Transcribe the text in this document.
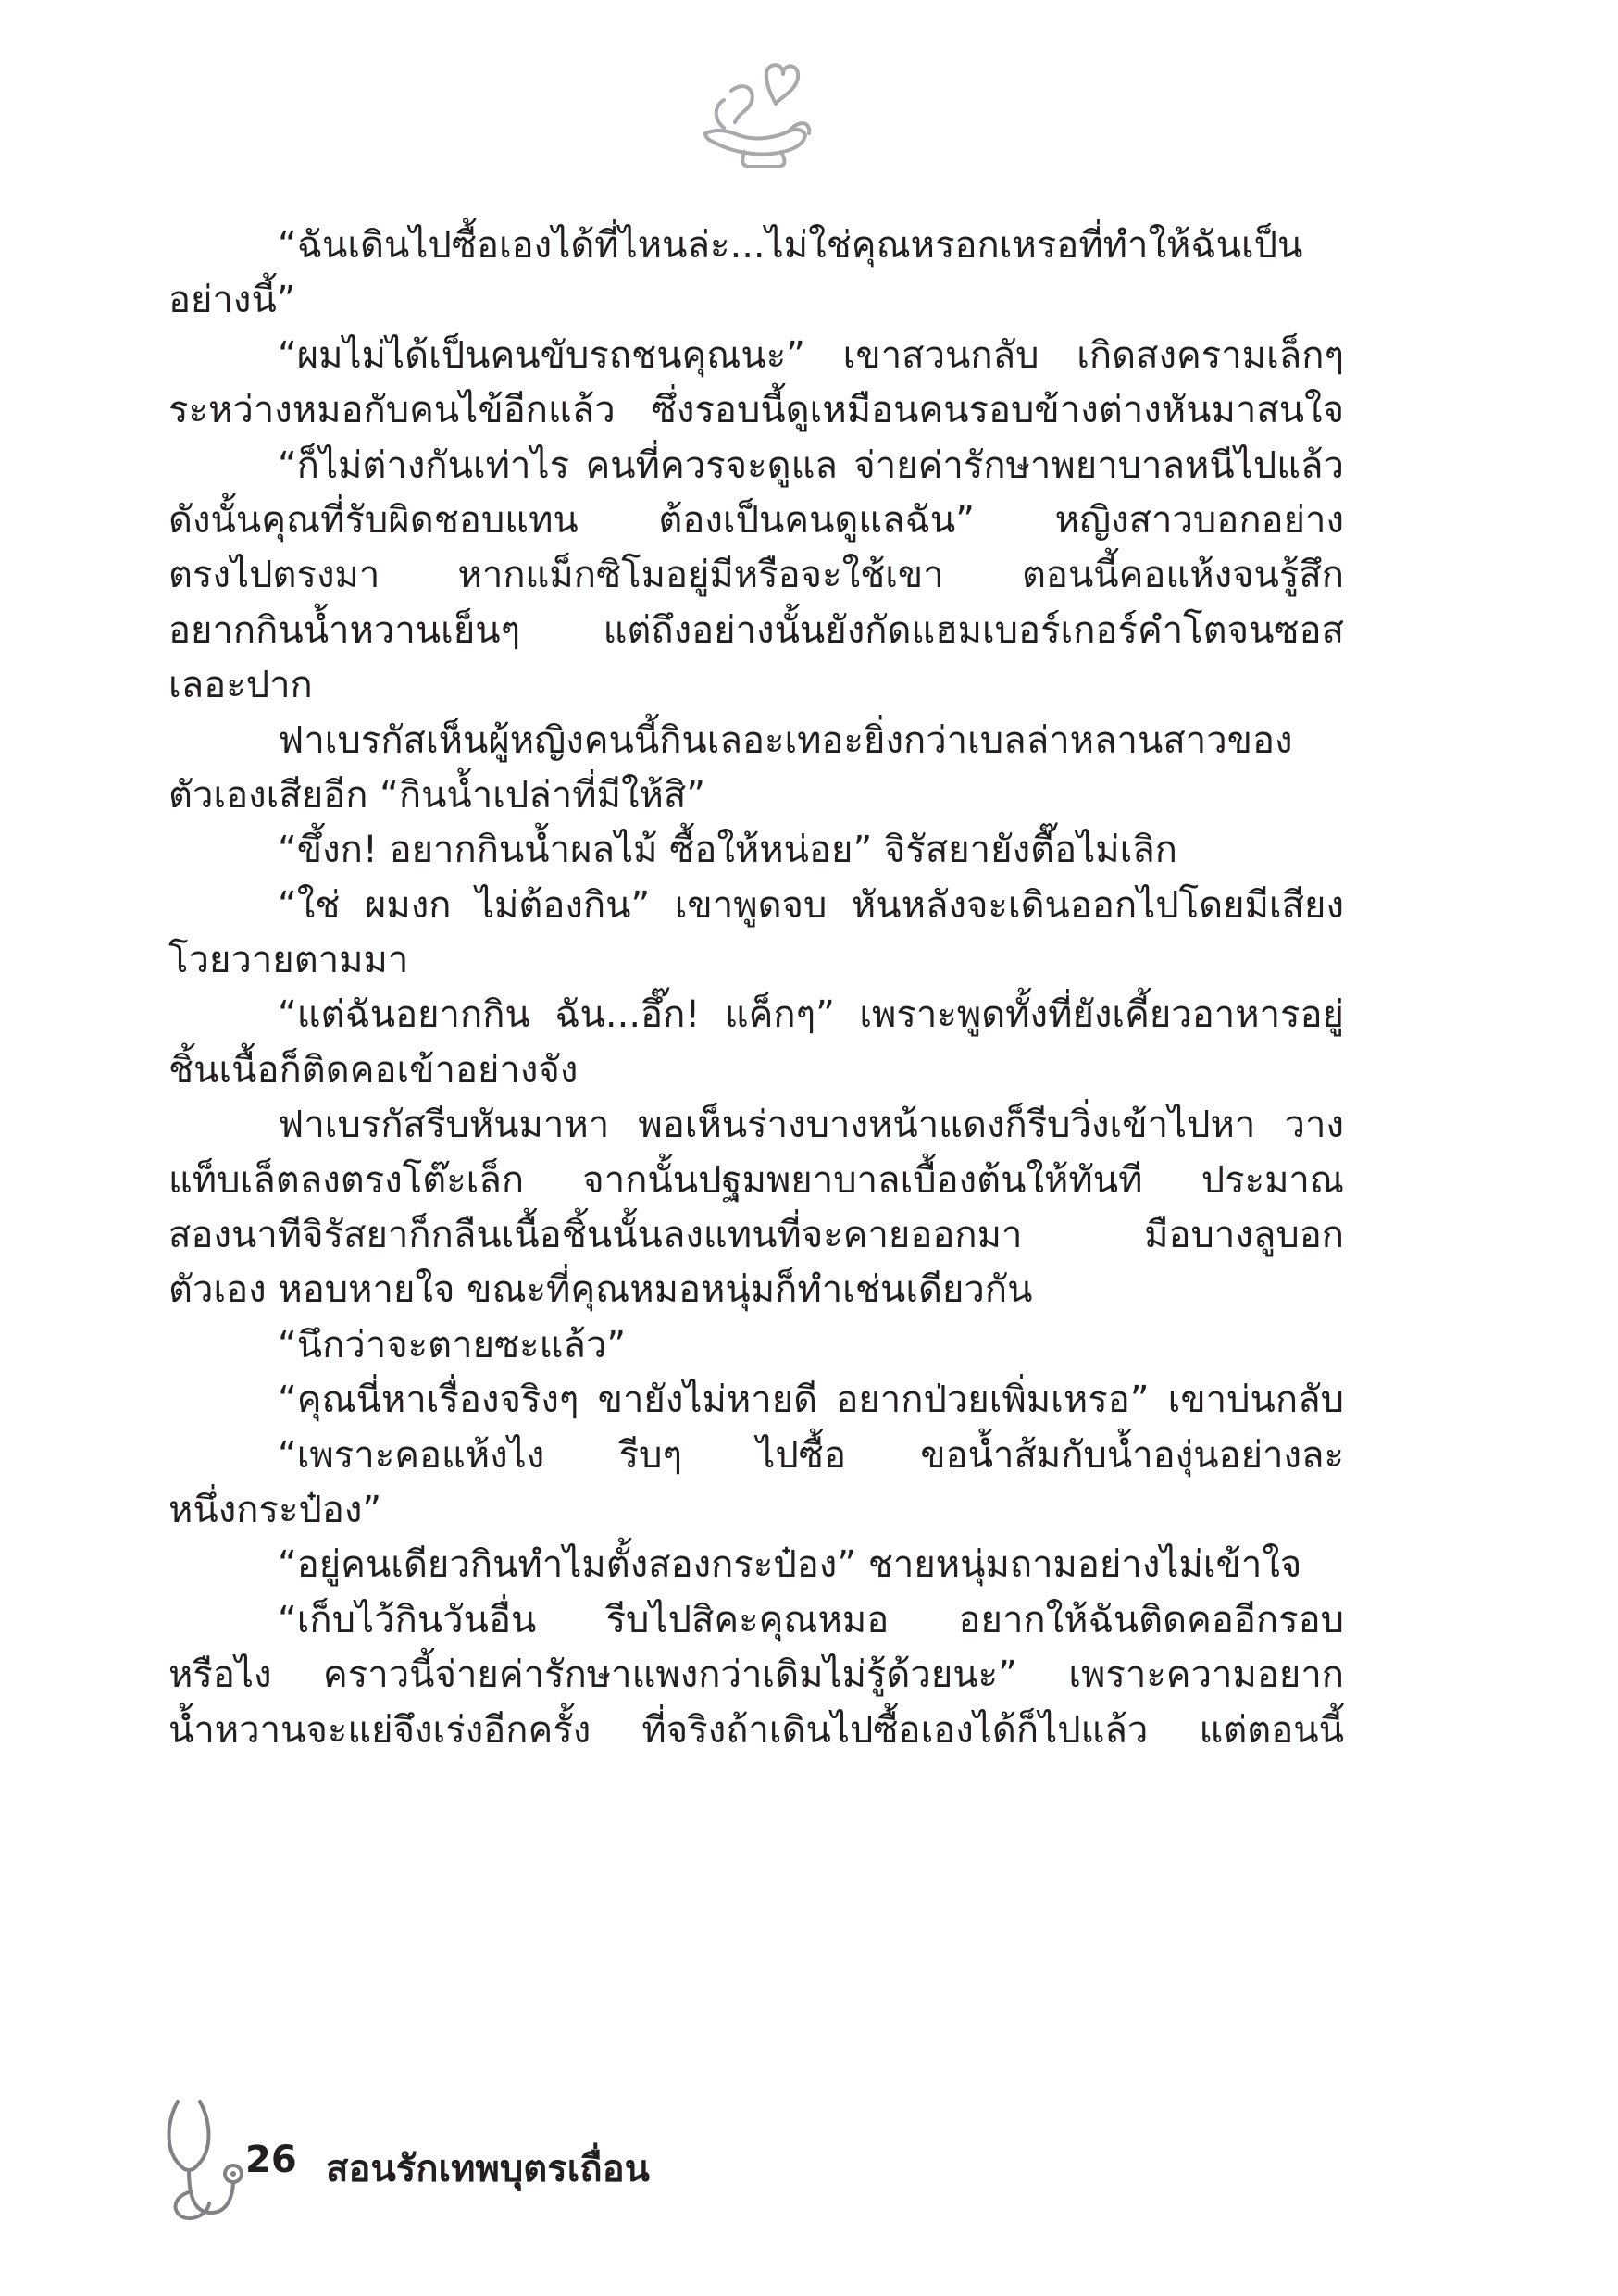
“ฉันเดินไปซื้อเองได้ที่ไหนล่ะ...ไม่ใช่คุณหรอกเหรอที่ทำให้ฉันเป็น
อย่างนี้”
“ผมไม่ได้เป็นคนขับรถชนคุณนะ” เขาสวนกลับ เกิดสงครามเล็กๆ
ระหว่างหมอกับคนไข้อีกแล้ว ซึ่งรอบนี้ดูเหมือนคนรอบข้างต่างหันมาสนใจ
“ก็ไม่ต่างกันเท่าไร คนที่ควรจะดูแล จ่ายค่ารักษาพยาบาลหนีไปแล้ว
ดังนั้นคุณที่รับผิดชอบแทน ต้องเป็นคนดูแลฉัน” หญิงสาวบอกอย่าง
ตรงไปตรงมา หากแม็กซิโมอยู่มีหรือจะใช้เขา ตอนนี้คอแห้งจนรู้สึก
อยากกินน้ำหวานเย็นๆ แต่ถึงอย่างนั้นยังกัดแฮมเบอร์เกอร์คำโตจนซอส
เลอะปาก
ฟาเบรกัสเห็นผู้หญิงคนนี้กินเลอะเทอะยิ่งกว่าเบลล่าหลานสาวของ
ตัวเองเสียอีก “กินน้ำเปล่าที่มีให้สิ”
“ขึ้งก! อยากกินน้ำผลไม้ ซื้อให้หน่อย” จิรัสยายังตื๊อไม่เลิก
“ใช่ ผมงก ไม่ต้องกิน” เขาพูดจบ หันหลังจะเดินออกไปโดยมีเสียง
โวยวายตามมา
“แต่ฉันอยากกิน ฉัน...อึ๊ก! แค็กๆ” เพราะพูดทั้งที่ยังเคี้ยวอาหารอยู่
ชิ้นเนื้อก็ติดคอเข้าอย่างจัง
ฟาเบรกัสรีบหันมาหา พอเห็นร่างบางหน้าแดงก็รีบวิ่งเข้าไปหา วาง
แท็บเล็ตลงตรงโต๊ะเล็ก จากนั้นปฐมพยาบาลเบื้องต้นให้ทันที ประมาณ
สองนาทีจิรัสยาก็กลืนเนื้อชิ้นนั้นลงแทนที่จะคายออกมา มือบางลูบอก
ตัวเอง หอบหายใจ ขณะที่คุณหมอหนุ่มก็ทำเช่นเดียวกัน
“นึกว่าจะตายซะแล้ว”
“คุณนี่หาเรื่องจริงๆ ขายังไม่หายดี อยากป่วยเพิ่มเหรอ” เขาบ่นกลับ
“เพราะคอแห้งไง รีบๆ ไปซื้อ ขอน้ำส้มกับน้ำองุ่นอย่างละ
หนึ่งกระป๋อง”
“อยู่คนเดียวกินทำไมตั้งสองกระป๋อง” ชายหนุ่มถามอย่างไม่เข้าใจ
“เก็บไว้กินวันอื่น รีบไปสิคะคุณหมอ อยากให้ฉันติดคออีกรอบ
หรือไง คราวนี้จ่ายค่ารักษาแพงกว่าเดิมไม่รู้ด้วยนะ” เพราะความอยาก
น้ำหวานจะแย่จึงเร่งอีกครั้ง ที่จริงถ้าเดินไปซื้อเองได้ก็ไปแล้ว แต่ตอนนี้
26 สอนรักเทพบุตรเถื่อน
